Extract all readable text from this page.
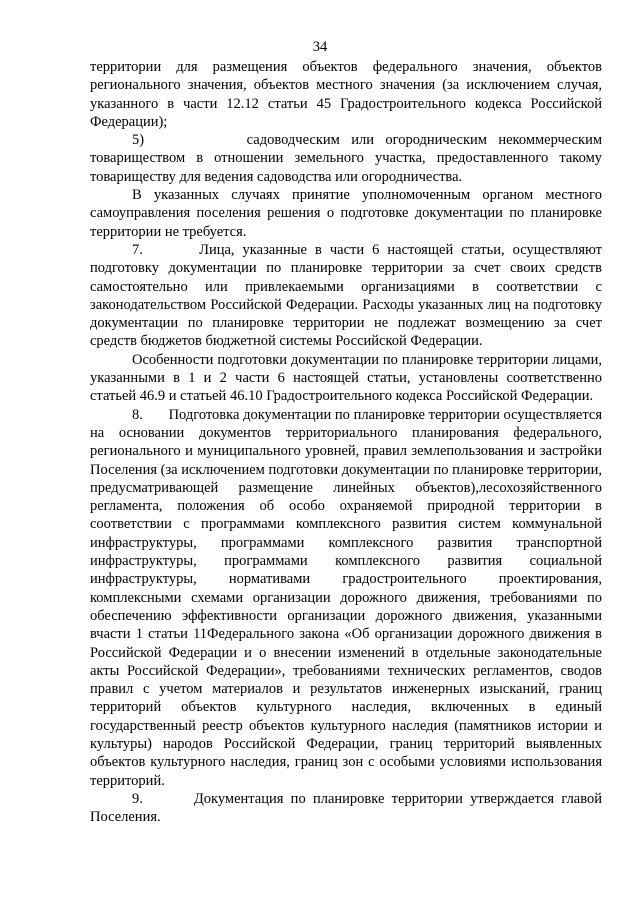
34

территории для размещения объектов федерального значения, объектов регионального значения, объектов местного значения (за исключением случая, указанного в части 12.12 статьи 45 Градостроительного кодекса Российской Федерации);

5)         садоводческим или огородническим некоммерческим товариществом в отношении земельного участка, предоставленного такому товариществу для ведения садоводства или огородничества.

В указанных случаях принятие уполномоченным органом местного самоуправления поселения решения о подготовке документации по планировке территории не требуется.

7.       Лица, указанные в части 6 настоящей статьи, осуществляют подготовку документации по планировке территории за счет своих средств самостоятельно или привлекаемыми организациями в соответствии с законодательством Российской Федерации. Расходы указанных лиц на подготовку документации по планировке территории не подлежат возмещению за счет средств бюджетов бюджетной системы Российской Федерации.

Особенности подготовки документации по планировке территории лицами, указанными в 1 и 2 части 6 настоящей статьи, установлены соответственно статьей 46.9 и статьей 46.10 Градостроительного кодекса Российской Федерации.

8.       Подготовка документации по планировке территории осуществляется на основании документов территориального планирования федерального, регионального и муниципального уровней, правил землепользования и застройки Поселения (за исключением подготовки документации по планировке территории, предусматривающей размещение линейных объектов),лесохозяйственного регламента, положения об особо охраняемой природной территории в соответствии с программами комплексного развития систем коммунальной инфраструктуры, программами комплексного развития транспортной инфраструктуры, программами комплексного развития социальной инфраструктуры, нормативами градостроительного проектирования, комплексными схемами организации дорожного движения, требованиями по обеспечению эффективности организации дорожного движения, указанными вчасти 1 статьи 11Федерального закона «Об организации дорожного движения в Российской Федерации и о внесении изменений в отдельные законодательные акты Российской Федерации», требованиями технических регламентов, сводов правил с учетом материалов и результатов инженерных изысканий, границ территорий объектов культурного наследия, включенных в единый государственный реестр объектов культурного наследия (памятников истории и культуры) народов Российской Федерации, границ территорий выявленных объектов культурного наследия, границ зон с особыми условиями использования территорий.

9.       Документация по планировке территории утверждается главой Поселения.
